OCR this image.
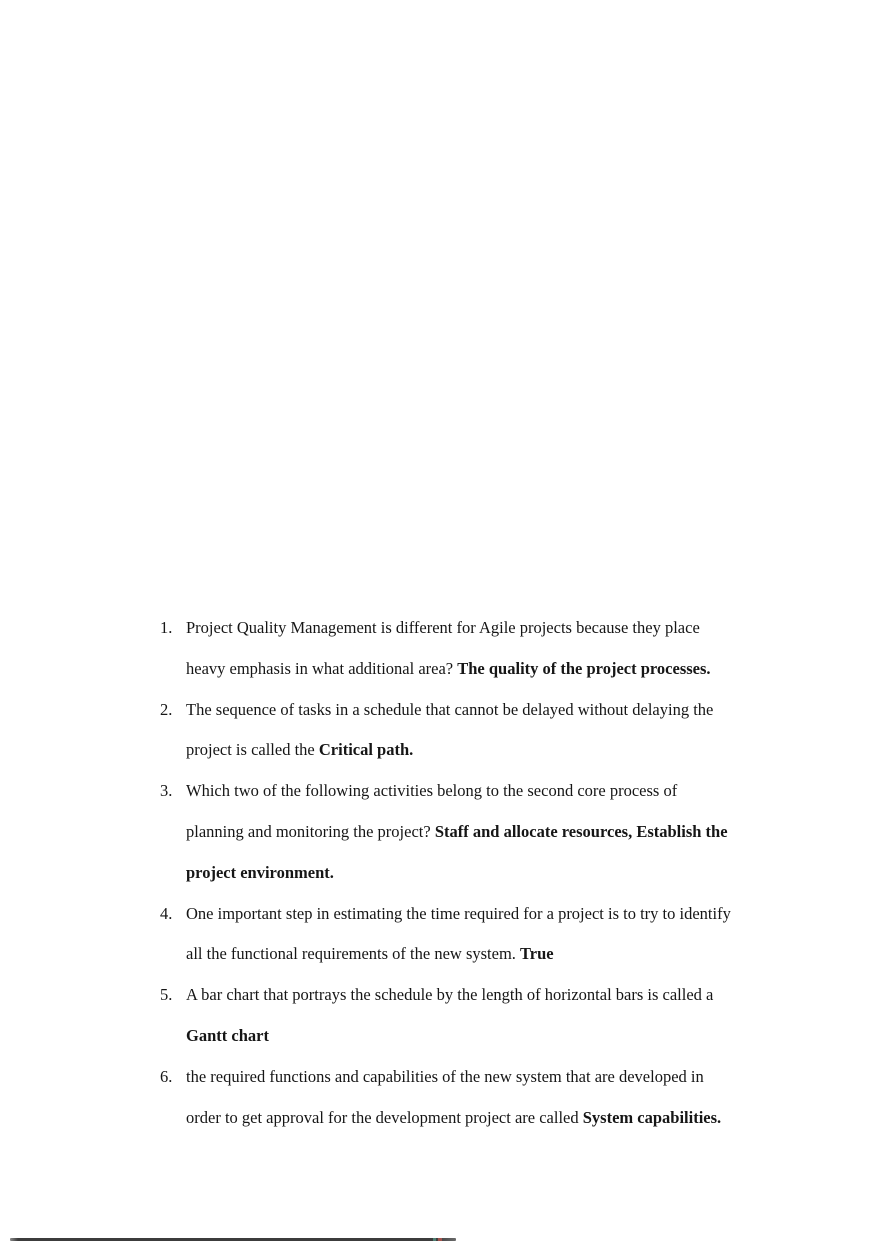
1. Project Quality Management is different for Agile projects because they place
heavy emphasis in what additional area? The quality of the project processes.
2. The sequence of tasks in a schedule that cannot be delayed without delaying the
project is called the Critical path.
3. Which two of the following activities belong to the second core process of
planning and monitoring the project? Staff and allocate resources, Establish the
project environment.
4. One important step in estimating the time required for a project is to try to identify
all the functional requirements of the new system. True
5. A bar chart that portrays the schedule by the length of horizontal bars is called a
Gantt chart
6. the required functions and capabilities of the new system that are developed in
order to get approval for the development project are called System capabilities.
